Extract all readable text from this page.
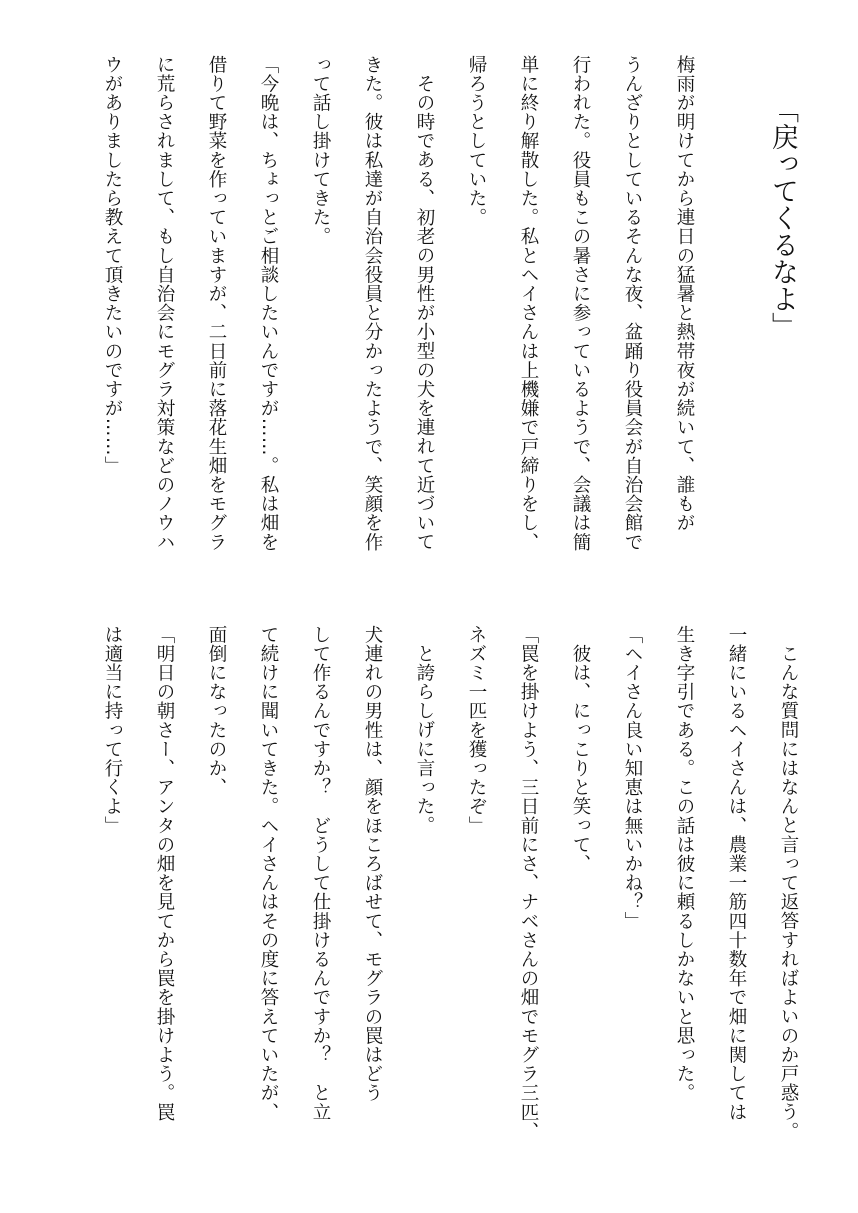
「戻ってくるなよ」
梅雨が明けてから連日の猛暑と熱帯夜が続いて、誰もが
うんざりとしているそんな夜、盆踊り役員会が自治会館で
行われた。役員もこの暑さに参っているようで、会議は簡
単に終り解散した。私とヘイさんは上機嫌で戸締りをし、
帰ろうとしていた。
その時である、初老の男性が小型の犬を連れて近づいて
きた。彼は私達が自治会役員と分かったようで、笑顔を作
って話し掛けてきた。
「今晩は、ちょっとご相談したいんですが……。私は畑を
借りて野菜を作っていますが、二日前に落花生畑をモグラ
に荒らされまして、もし自治会にモグラ対策などのノウハ
ウがありましたら教えて頂きたいのですが……」
こんな質問にはなんと言って返答すればよいのか戸惑う。
一緒にいるヘイさんは、農業一筋四十数年で畑に関しては
生き字引である。この話は彼に頼るしかないと思った。
「ヘイさん良い知恵は無いかね？」
彼は、にっこりと笑って、
「罠を掛けよう、三日前にさ、ナベさんの畑でモグラ三匹、
ネズミ一匹を獲ったぞ」
と誇らしげに言った。
犬連れの男性は、顔をほころばせて、モグラの罠はどう
して作るんですか？　どうして仕掛けるんですか？　と立
て続けに聞いてきた。ヘイさんはその度に答えていたが、
面倒になったのか、
「明日の朝さー、アンタの畑を見てから罠を掛けよう。罠
は適当に持って行くよ」
